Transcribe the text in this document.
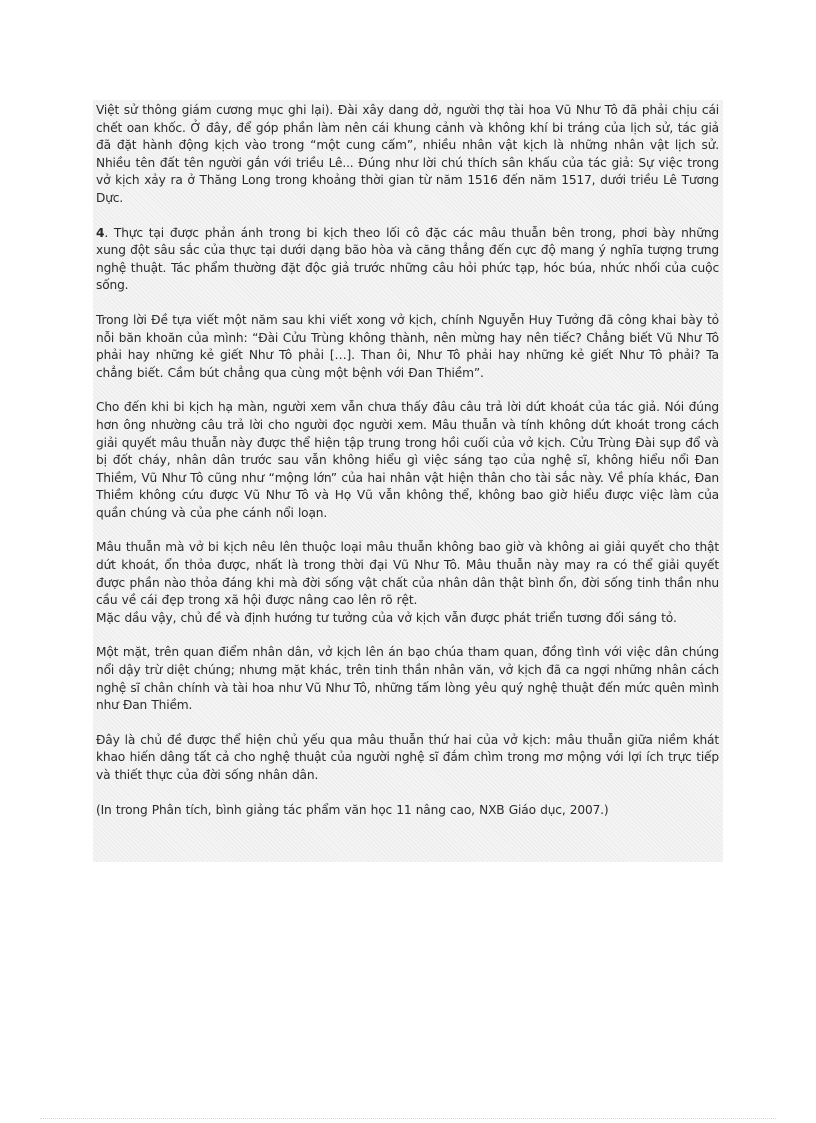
Việt sử thông giám cương mục ghi lại). Đài xây dang dở, người thợ tài hoa Vũ Như Tô đã phải chịu cái chết oan khốc. Ở đây, để góp phần làm nên cái khung cảnh và không khí bi tráng của lịch sử, tác giả đã đặt hành động kịch vào trong “một cung cấm”, nhiều nhân vật kịch là những nhân vật lịch sử. Nhiều tên đất tên người gắn với triều Lê... Đúng như lời chú thích sân khấu của tác giả: Sự việc trong vở kịch xảy ra ở Thăng Long trong khoảng thời gian từ năm 1516 đến năm 1517, dưới triều Lê Tương Dực.

4. Thực tại được phản ánh trong bi kịch theo lối cô đặc các mâu thuẫn bên trong, phơi bày những xung đột sâu sắc của thực tại dưới dạng bão hòa và căng thẳng đến cực độ mang ý nghĩa tượng trưng nghệ thuật. Tác phẩm thường đặt độc giả trước những câu hỏi phức tạp, hóc búa, nhức nhối của cuộc sống.

Trong lời Đề tựa viết một năm sau khi viết xong vở kịch, chính Nguyễn Huy Tưởng đã công khai bày tỏ nỗi băn khoăn của mình: “Đài Cửu Trùng không thành, nên mừng hay nên tiếc? Chẳng biết Vũ Như Tô phải hay những kẻ giết Như Tô phải […]. Than ôi, Như Tô phải hay những kẻ giết Như Tô phải? Ta chẳng biết. Cầm bút chẳng qua cùng một bệnh với Đan Thiềm”.

Cho đến khi bi kịch hạ màn, người xem vẫn chưa thấy đâu câu trả lời dứt khoát của tác giả. Nói đúng hơn ông nhường câu trả lời cho người đọc người xem. Mâu thuẫn và tính không dứt khoát trong cách giải quyết mâu thuẫn này được thể hiện tập trung trong hồi cuối của vở kịch. Cửu Trùng Đài sụp đổ và bị đốt cháy, nhân dân trước sau vẫn không hiểu gì việc sáng tạo của nghệ sĩ, không hiểu nổi Đan Thiềm, Vũ Như Tô cũng như “mộng lớn” của hai nhân vật hiện thân cho tài sắc này. Về phía khác, Đan Thiềm không cứu được Vũ Như Tô và Họ Vũ vẫn không thể, không bao giờ hiểu được việc làm của quần chúng và của phe cánh nổi loạn.

Mâu thuẫn mà vở bi kịch nêu lên thuộc loại mâu thuẫn không bao giờ và không ai giải quyết cho thật dứt khoát, ổn thỏa được, nhất là trong thời đại Vũ Như Tô. Mâu thuẫn này may ra có thể giải quyết được phần nào thỏa đáng khi mà đời sống vật chất của nhân dân thật bình ổn, đời sống tinh thần nhu cầu về cái đẹp trong xã hội được nâng cao lên rõ rệt.

Mặc dầu vậy, chủ đề và định hướng tư tưởng của vở kịch vẫn được phát triển tương đối sáng tỏ.

Một mặt, trên quan điểm nhân dân, vở kịch lên án bạo chúa tham quan, đồng tình với việc dân chúng nổi dậy trừ diệt chúng; nhưng mặt khác, trên tinh thần nhân văn, vở kịch đã ca ngợi những nhân cách nghệ sĩ chân chính và tài hoa như Vũ Như Tô, những tấm lòng yêu quý nghệ thuật đến mức quên mình như Đan Thiềm.

Đây là chủ đề được thể hiện chủ yếu qua mâu thuẫn thứ hai của vở kịch: mâu thuẫn giữa niềm khát khao hiến dâng tất cả cho nghệ thuật của người nghệ sĩ đắm chìm trong mơ mộng với lợi ích trực tiếp và thiết thực của đời sống nhân dân.

(In trong Phân tích, bình giảng tác phẩm văn học 11 nâng cao, NXB Giáo dục, 2007.)
